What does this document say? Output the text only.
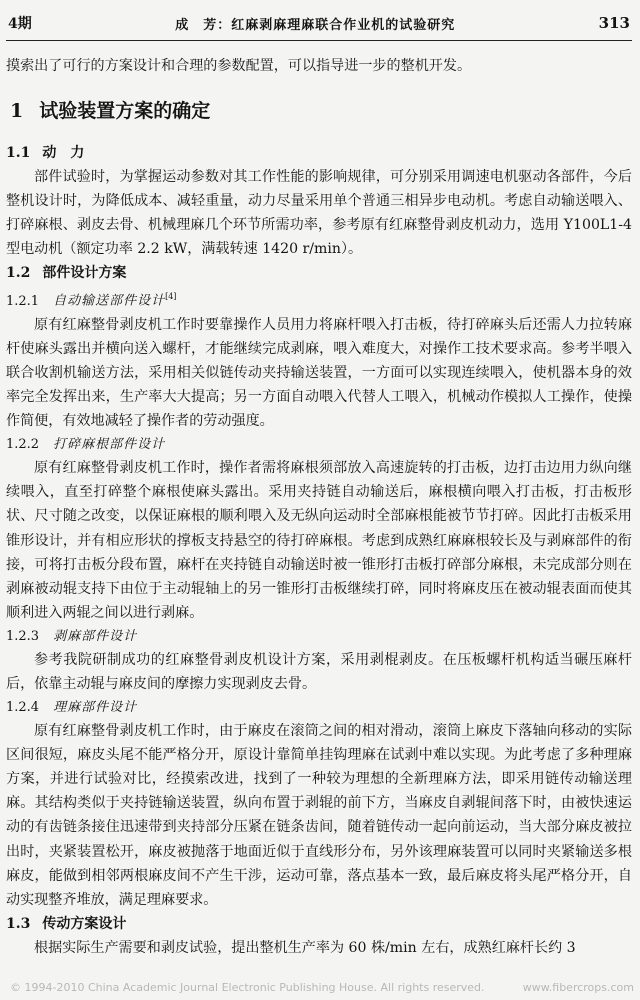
4期	成　芳：红麻剥麻理麻联合作业机的试验研究	313

摸索出了可行的方案设计和合理的参数配置，可以指导进一步的整机开发。

1 试验装置方案的确定
1.1 动　力

部件试验时，为掌握运动参数对其工作性能的影响规律，可分别采用调速电机驱动各部件，今后整机设计时，为降低成本、减轻重量，动力尽量采用单个普通三相异步电动机。考虑自动输送喂入、打碎麻根、剥皮去骨、机械理麻几个环节所需功率，参考原有红麻整骨剥皮机动力，选用 Y100L1-4 型电动机（额定功率 2.2 kW，满载转速 1420 r/min）。

1.2 部件设计方案
1.2.1 自动输送部件设计[4]

原有红麻整骨剥皮机工作时要靠操作人员用力将麻杆喂入打击板，待打碎麻头后还需人力拉转麻杆使麻头露出并横向送入螺杆，才能继续完成剥麻，喂入难度大，对操作工技术要求高。参考半喂入联合收割机输送方法，采用相关似链传动夹持输送装置，一方面可以实现连续喂入，使机器本身的效率完全发挥出来，生产率大大提高；另一方面自动喂入代替人工喂入，机械动作模拟人工操作，使操作简便，有效地减轻了操作者的劳动强度。

1.2.2 打碎麻根部件设计

原有红麻整骨剥皮机工作时，操作者需将麻根须部放入高速旋转的打击板，边打击边用力纵向继续喂入，直至打碎整个麻根使麻头露出。采用夹持链自动输送后，麻根横向喂入打击板，打击板形状、尺寸随之改变，以保证麻根的顺利喂入及无纵向运动时全部麻根能被节节打碎。因此打击板采用锥形设计，并有相应形状的撑板支持悬空的待打碎麻根。考虑到成熟红麻麻根较长及与剥麻部件的衔接，可将打击板分段布置，麻杆在夹持链自动输送时被一锥形打击板打碎部分麻根，未完成部分则在剥麻被动辊支持下由位于主动辊轴上的另一锥形打击板继续打碎，同时将麻皮压在被动辊表面而使其顺利进入两辊之间以进行剥麻。

1.2.3 剥麻部件设计

参考我院研制成功的红麻整骨剥皮机设计方案，采用剥棍剥皮。在压板螺杆机构适当碾压麻杆后，依靠主动辊与麻皮间的摩擦力实现剥皮去骨。

1.2.4 理麻部件设计

原有红麻整骨剥皮机工作时，由于麻皮在滚筒之间的相对滑动，滚筒上麻皮下落轴向移动的实际区间很短，麻皮头尾不能严格分开，原设计靠简单挂钩理麻在试剥中难以实现。为此考虑了多种理麻方案，并进行试验对比，经摸索改进，找到了一种较为理想的全新理麻方法，即采用链传动输送理麻。其结构类似于夹持链输送装置，纵向布置于剥辊的前下方，当麻皮自剥辊间落下时，由被快速运动的有齿链条接住迅速带到夹持部分压紧在链条齿间，随着链传动一起向前运动，当大部分麻皮被拉出时，夹紧装置松开，麻皮被抛落于地面近似于直线形分布，另外该理麻装置可以同时夹紧输送多根麻皮，能做到相邻两根麻皮间不产生干涉，运动可靠，落点基本一致，最后麻皮将头尾严格分开，自动实现整齐堆放，满足理麻要求。

1.3 传动方案设计

根据实际生产需要和剥皮试验，提出整机生产率为 60 株/min 左右，成熟红麻杆长约 3

© 1994-2010 China Academic Journal Electronic Publishing House. All rights reserved.	www.fibercrops.com
